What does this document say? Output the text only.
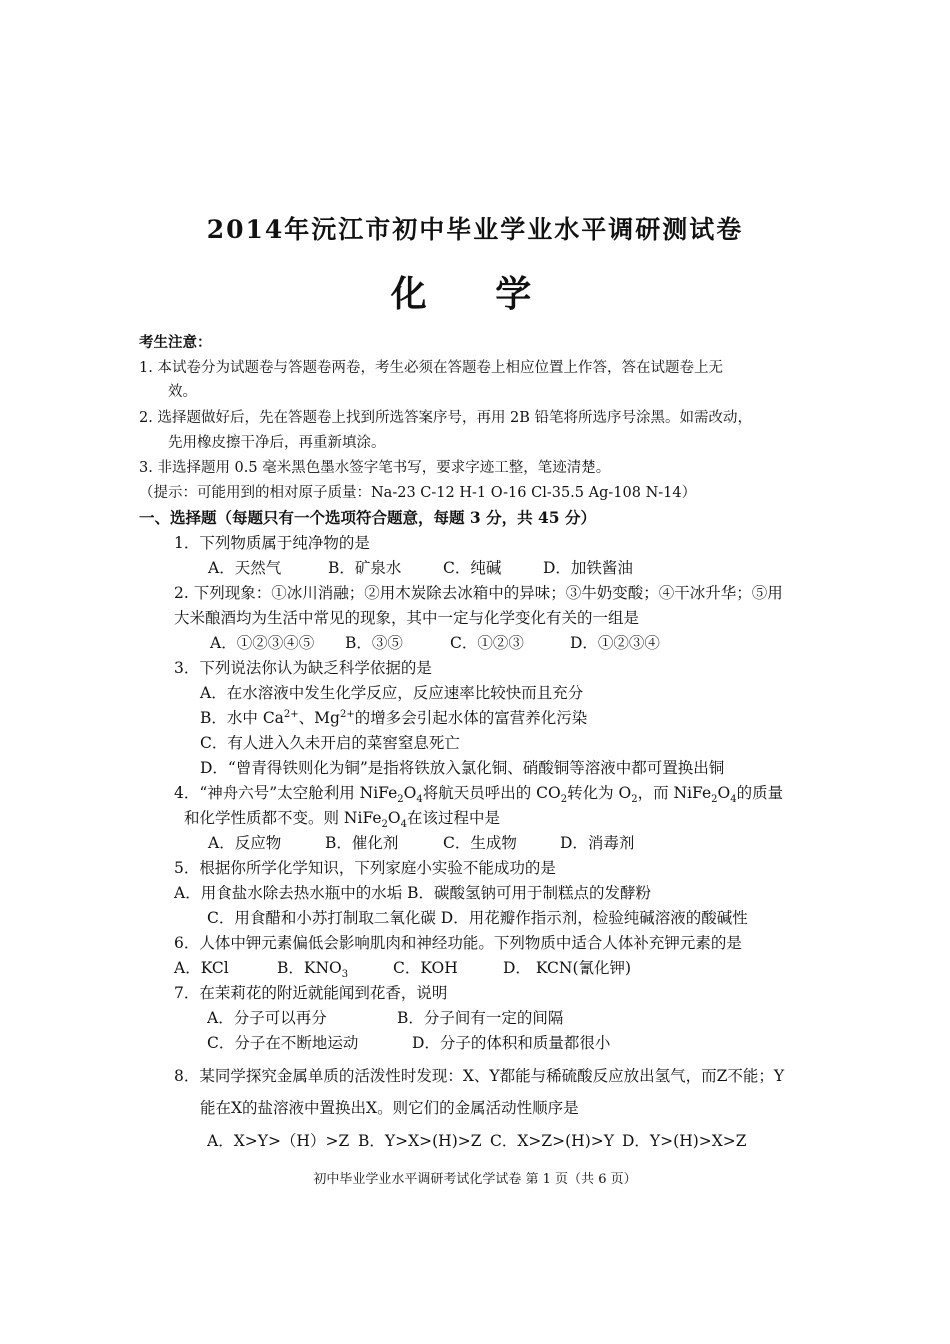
2014年沅江市初中毕业学业水平调研测试卷
化 学
考生注意：
1. 本试卷分为试题卷与答题卷两卷，考生必须在答题卷上相应位置上作答，答在试题卷上无
效。
2. 选择题做好后，先在答题卷上找到所选答案序号，再用 2B 铅笔将所选序号涂黑。如需改动，
先用橡皮擦干净后，再重新填涂。
3. 非选择题用 0.5 毫米黑色墨水签字笔书写，要求字迹工整，笔迹清楚。
（提示：可能用到的相对原子质量：Na-23 C-12 H-1 O-16 Cl-35.5 Ag-108 N-14）
一、选择题（每题只有一个选项符合题意，每题 3 分，共 45 分）
1．下列物质属于纯净物的是
A．天然气	B．矿泉水	C．纯碱	D．加铁酱油
2. 下列现象：①冰川消融；②用木炭除去冰箱中的异味；③牛奶变酸；④干冰升华；⑤用
大米酿酒均为生活中常见的现象，其中一定与化学变化有关的一组是
A．①②③④⑤ B．③⑤	C．①②③	D．①②③④
3．下列说法你认为缺乏科学依据的是
A．在水溶液中发生化学反应，反应速率比较快而且充分
B．水中 $Ca^{2+}$、$Mg^{2+}$的增多会引起水体的富营养化污染
C．有人进入久未开启的菜窖窒息死亡
D．“曾青得铁则化为铜”是指将铁放入氯化铜、硝酸铜等溶液中都可置换出铜
4．“神舟六号”太空舱利用 $NiFe_2O_4$将航天员呼出的 $CO_2$转化为 $O_2$，而 $NiFe_2O_4$的质量
和化学性质都不变。则 $NiFe_2O_4$在该过程中是
A．反应物	B．催化剂	C．生成物	D．消毒剂
5．根据你所学化学知识，下列家庭小实验不能成功的是
A．用食盐水除去热水瓶中的水垢 B．碳酸氢钠可用于制糕点的发酵粉
C．用食醋和小苏打制取二氧化碳 D．用花瓣作指示剂，检验纯碱溶液的酸碱性
6．人体中钾元素偏低会影响肌肉和神经功能。下列物质中适合人体补充钾元素的是
A．KCl	B．$KNO_3$	C．KOH	D． KCN(氰化钾)
7．在茉莉花的附近就能闻到花香，说明
A．分子可以再分	B．分子间有一定的间隔
C．分子在不断地运动	D．分子的体积和质量都很小
8．某同学探究金属单质的活泼性时发现：X、Y都能与稀硫酸反应放出氢气，而Z不能；Y
能在X的盐溶液中置换出X。则它们的金属活动性顺序是
A．X>Y>（H）>Z B．Y>X>(H)>Z C．X>Z>(H)>Y D．Y>(H)>X>Z
初中毕业学业水平调研考试化学试卷 第 1 页（共 6 页）
